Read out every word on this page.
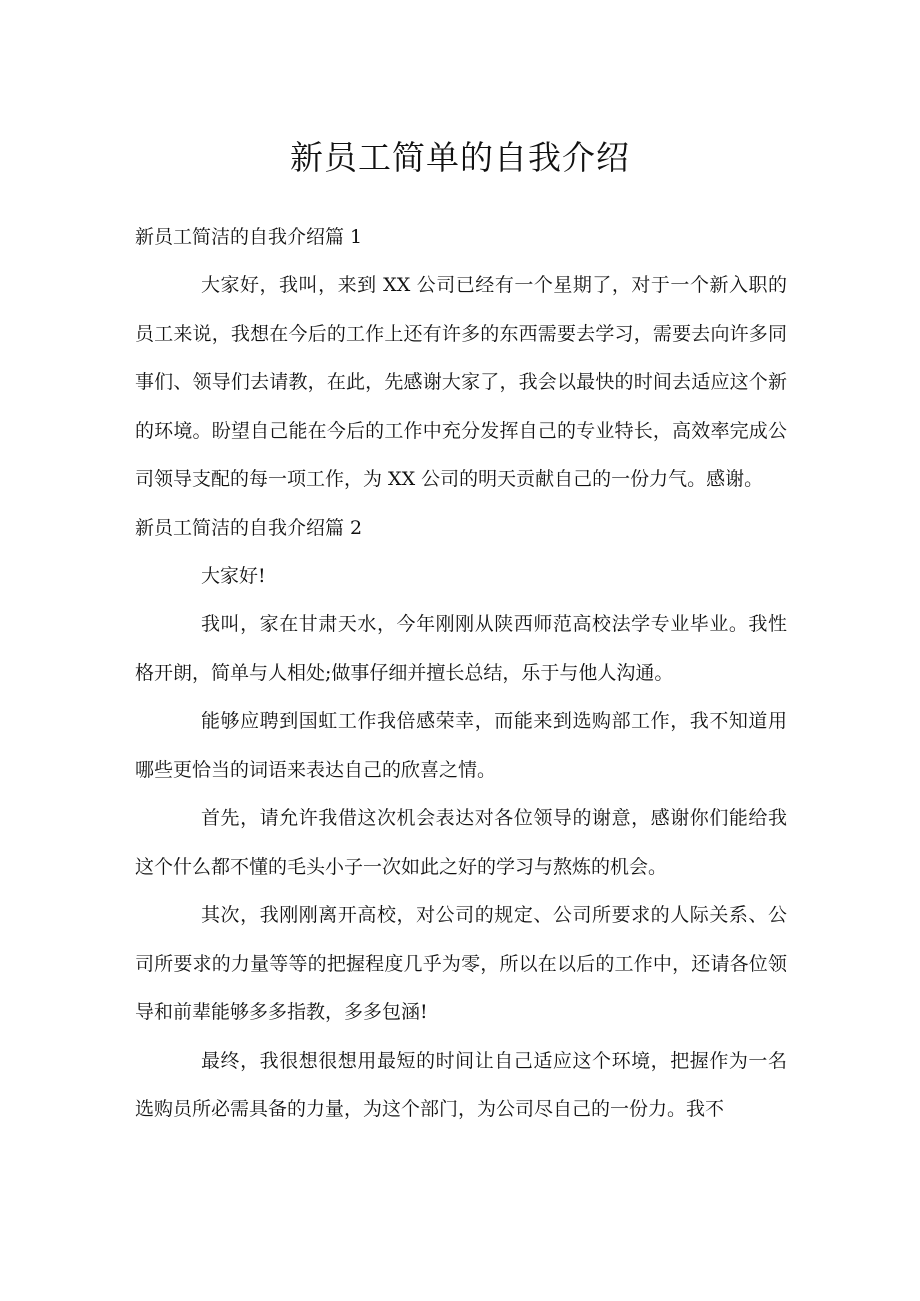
新员工简单的自我介绍

新员工简洁的自我介绍篇 1

大家好，我叫，来到 XX 公司已经有一个星期了，对于一个新入职的员工来说，我想在今后的工作上还有许多的东西需要去学习，需要去向许多同事们、领导们去请教，在此，先感谢大家了，我会以最快的时间去适应这个新的环境。盼望自己能在今后的工作中充分发挥自己的专业特长，高效率完成公司领导支配的每一项工作，为 XX 公司的明天贡献自己的一份力气。感谢。

新员工简洁的自我介绍篇 2

大家好!

我叫，家在甘肃天水，今年刚刚从陕西师范高校法学专业毕业。我性格开朗，简单与人相处;做事仔细并擅长总结，乐于与他人沟通。

能够应聘到国虹工作我倍感荣幸，而能来到选购部工作，我不知道用哪些更恰当的词语来表达自己的欣喜之情。

首先，请允许我借这次机会表达对各位领导的谢意，感谢你们能给我这个什么都不懂的毛头小子一次如此之好的学习与熬炼的机会。

其次，我刚刚离开高校，对公司的规定、公司所要求的人际关系、公司所要求的力量等等的把握程度几乎为零，所以在以后的工作中，还请各位领导和前辈能够多多指教，多多包涵!

最终，我很想很想用最短的时间让自己适应这个环境，把握作为一名选购员所必需具备的力量，为这个部门，为公司尽自己的一份力。我不
